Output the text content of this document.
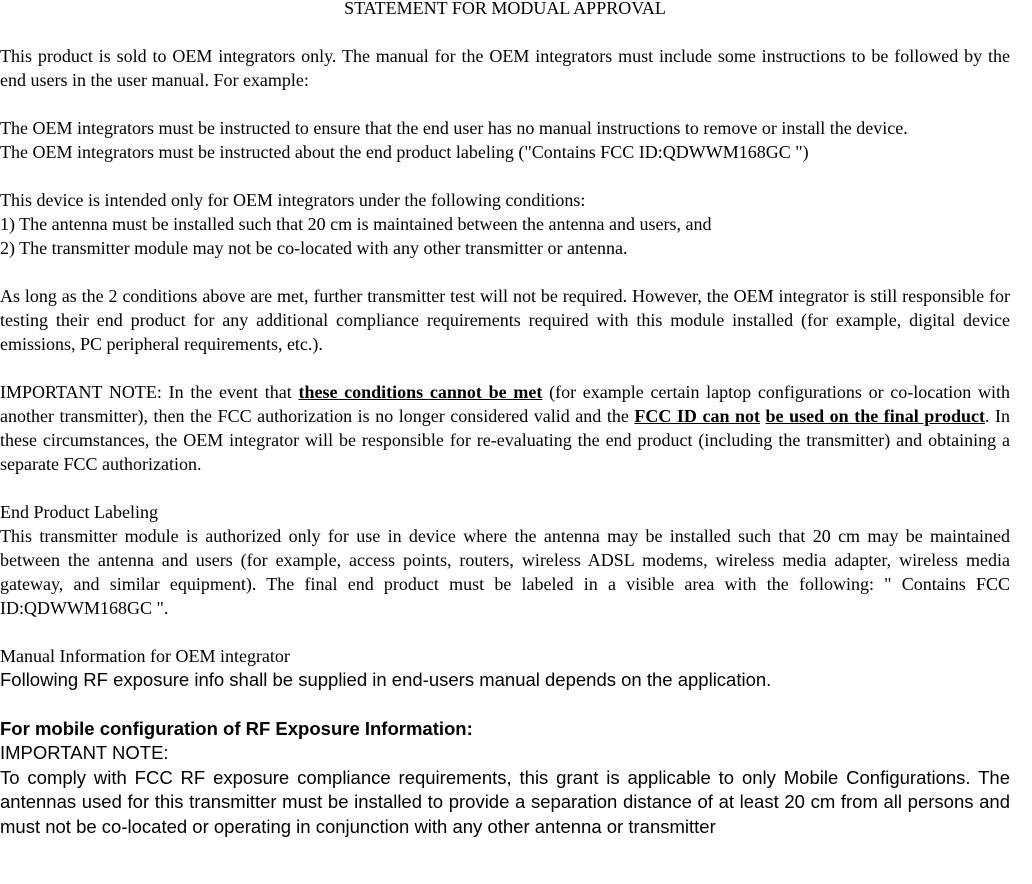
STATEMENT FOR MODUAL APPROVAL

This product is sold to OEM integrators only. The manual for the OEM integrators must include some instructions to be followed by the end users in the user manual. For example:

The OEM integrators must be instructed to ensure that the end user has no manual instructions to remove or install the device.

The OEM integrators must be instructed about the end product labeling ("Contains FCC ID:QDWWM168GC ")

This device is intended only for OEM integrators under the following conditions:

1) The antenna must be installed such that 20 cm is maintained between the antenna and users, and

2) The transmitter module may not be co-located with any other transmitter or antenna.

As long as the 2 conditions above are met, further transmitter test will not be required. However, the OEM integrator is still responsible for testing their end product for any additional compliance requirements required with this module installed (for example, digital device emissions, PC peripheral requirements, etc.).

IMPORTANT NOTE: In the event that these conditions cannot be met (for example certain laptop configurations or co-location with another transmitter), then the FCC authorization is no longer considered valid and the FCC ID can not be used on the final product. In these circumstances, the OEM integrator will be responsible for re-evaluating the end product (including the transmitter) and obtaining a separate FCC authorization.

End Product Labeling

This transmitter module is authorized only for use in device where the antenna may be installed such that 20 cm may be maintained between the antenna and users (for example, access points, routers, wireless ADSL modems, wireless media adapter, wireless media gateway, and similar equipment). The final end product must be labeled in a visible area with the following: " Contains FCC ID:QDWWM168GC ".

Manual Information for OEM integrator

Following RF exposure info shall be supplied in end-users manual depends on the application.

For mobile configuration of RF Exposure Information:

IMPORTANT NOTE:

To comply with FCC RF exposure compliance requirements, this grant is applicable to only Mobile Configurations. The antennas used for this transmitter must be installed to provide a separation distance of at least 20 cm from all persons and must not be co-located or operating in conjunction with any other antenna or transmitter
